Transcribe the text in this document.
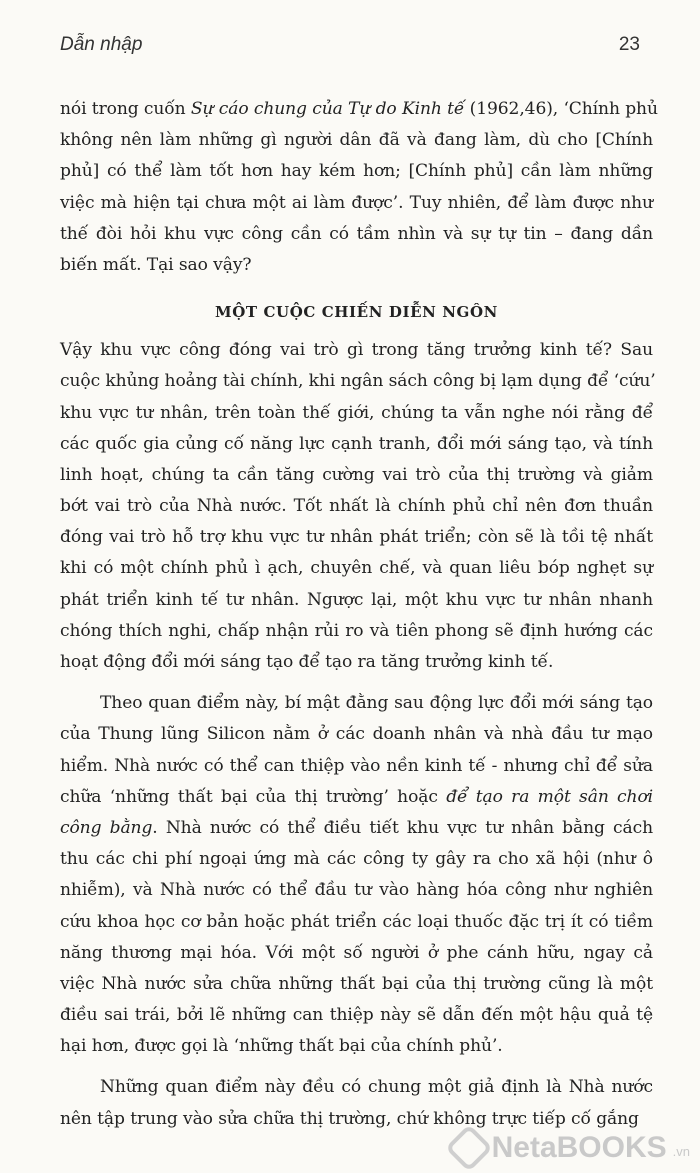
Dẫn nhập	23
nói trong cuốn Sự cáo chung của Tự do Kinh tế (1962,46), ‘Chính phủ
không nên làm những gì người dân đã và đang làm, dù cho [Chính
phủ] có thể làm tốt hơn hay kém hơn; [Chính phủ] cần làm những
việc mà hiện tại chưa một ai làm được’. Tuy nhiên, để làm được như
thế đòi hỏi khu vực công cần có tầm nhìn và sự tự tin – đang dần
biến mất. Tại sao vậy?
MỘT CUỘC CHIẾN DIỄN NGÔN
Vậy khu vực công đóng vai trò gì trong tăng trưởng kinh tế? Sau
cuộc khủng hoảng tài chính, khi ngân sách công bị lạm dụng để ‘cứu’
khu vực tư nhân, trên toàn thế giới, chúng ta vẫn nghe nói rằng để
các quốc gia củng cố năng lực cạnh tranh, đổi mới sáng tạo, và tính
linh hoạt, chúng ta cần tăng cường vai trò của thị trường và giảm
bớt vai trò của Nhà nước. Tốt nhất là chính phủ chỉ nên đơn thuần
đóng vai trò hỗ trợ khu vực tư nhân phát triển; còn sẽ là tồi tệ nhất
khi có một chính phủ ì ạch, chuyên chế, và quan liêu bóp nghẹt sự
phát triển kinh tế tư nhân. Ngược lại, một khu vực tư nhân nhanh
chóng thích nghi, chấp nhận rủi ro và tiên phong sẽ định hướng các
hoạt động đổi mới sáng tạo để tạo ra tăng trưởng kinh tế.
Theo quan điểm này, bí mật đằng sau động lực đổi mới sáng tạo
của Thung lũng Silicon nằm ở các doanh nhân và nhà đầu tư mạo
hiểm. Nhà nước có thể can thiệp vào nền kinh tế - nhưng chỉ để sửa
chữa ‘những thất bại của thị trường’ hoặc để tạo ra một sân chơi
công bằng. Nhà nước có thể điều tiết khu vực tư nhân bằng cách
thu các chi phí ngoại ứng mà các công ty gây ra cho xã hội (như ô
nhiễm), và Nhà nước có thể đầu tư vào hàng hóa công như nghiên
cứu khoa học cơ bản hoặc phát triển các loại thuốc đặc trị ít có tiềm
năng thương mại hóa. Với một số người ở phe cánh hữu, ngay cả
việc Nhà nước sửa chữa những thất bại của thị trường cũng là một
điều sai trái, bởi lẽ những can thiệp này sẽ dẫn đến một hậu quả tệ
hại hơn, được gọi là ‘những thất bại của chính phủ’.
Những quan điểm này đều có chung một giả định là Nhà nước
nên tập trung vào sửa chữa thị trường, chứ không trực tiếp cố gắng
NetaBOOKS .vn
